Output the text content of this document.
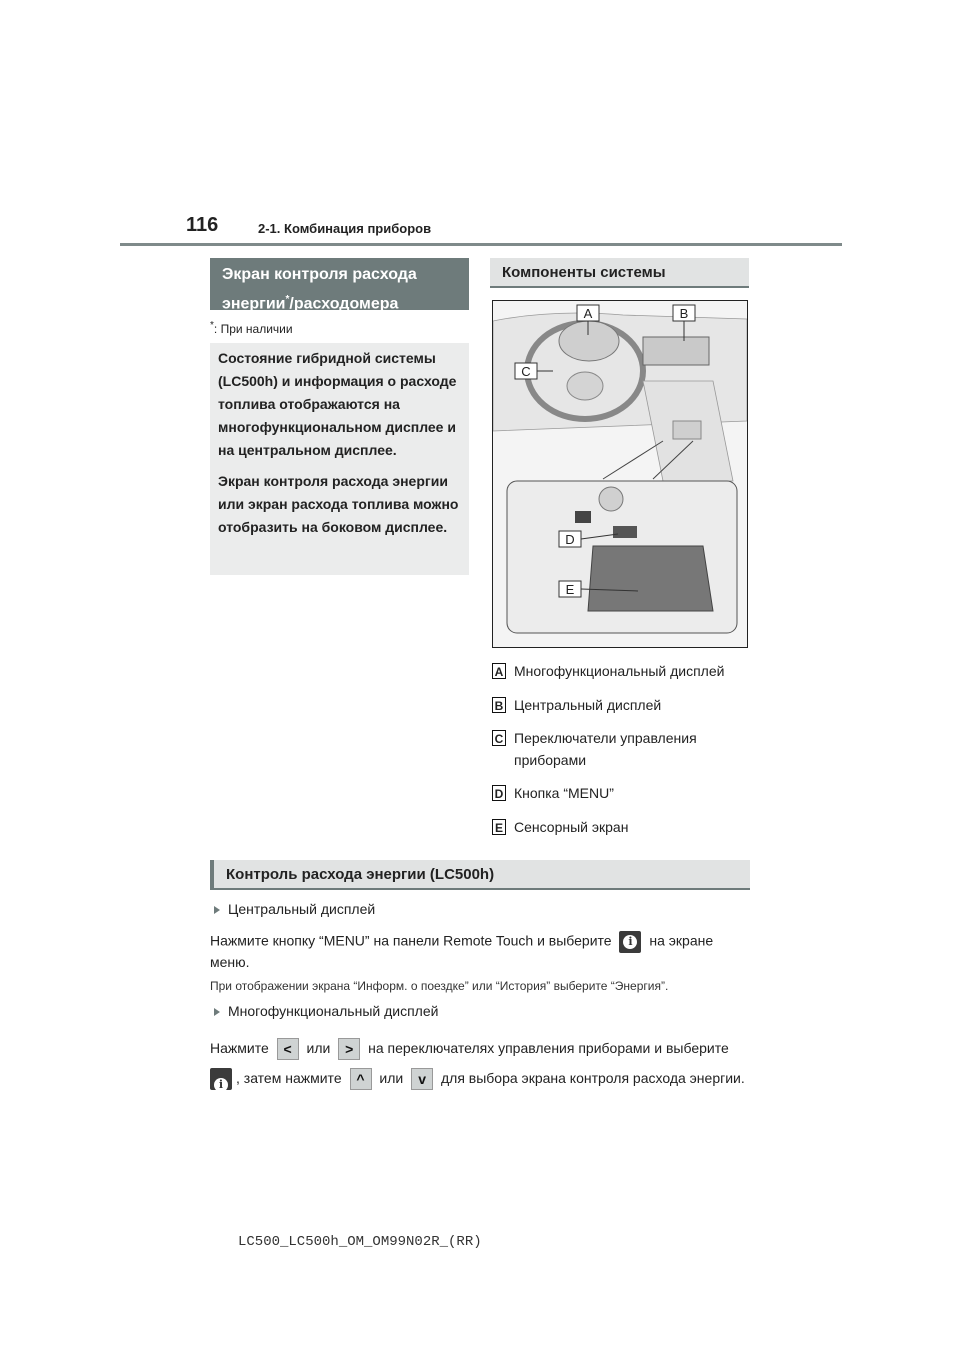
116	2-1. Комбинация приборов
Экран контроля расхода
энергии*/расходомера
*: При наличии

Состояние гибридной системы (LC500h) и информация о расходе топлива отображаются на многофункциональном дисплее и на центральном дисплее.

Экран контроля расхода энергии или экран расхода топлива можно отобразить на боковом дисплее.

Компоненты системы
A	B
C
D
E
A Многофункциональный дисплей
B Центральный дисплей
C Переключатели управления приборами
D Кнопка “MENU”
E Сенсорный экран
Контроль расхода энергии (LC500h)
Центральный дисплей
Нажмите кнопку “MENU” на панели Remote Touch и выберите i на экране меню.
При отображении экрана “Информ. о поездке” или “История” выберите “Энергия”.
Многофункциональный дисплей
Нажмите < или > на переключателях управления приборами и выберите
i , затем нажмите ^ или v для выбора экрана контроля расхода энергии.
LC500_LC500h_OM_OM99N02R_(RR)
